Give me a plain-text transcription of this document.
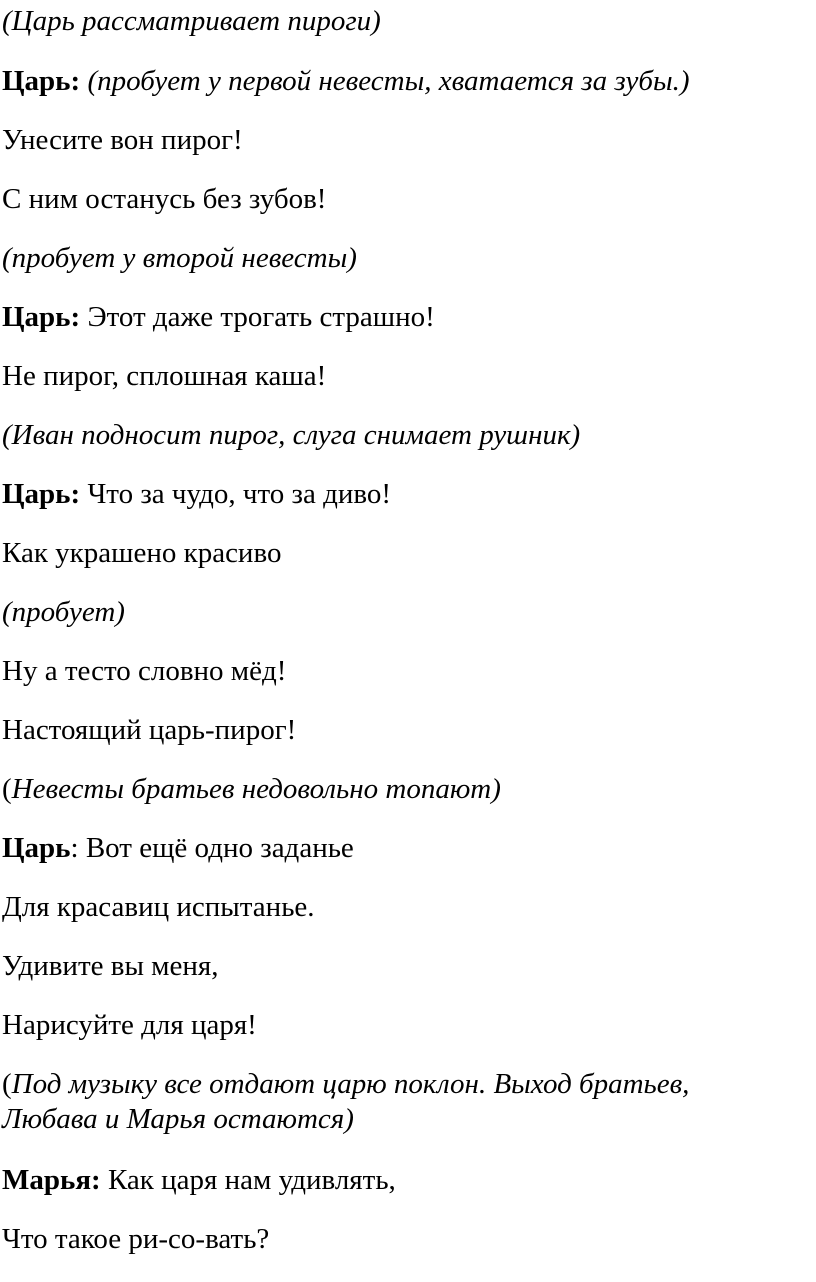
(Царь рассматривает пироги)
Царь: (пробует у первой невесты, хватается за зубы.)
Унесите вон пирог!
С ним останусь без зубов!
(пробует у второй невесты)
Царь: Этот даже трогать страшно!
Не пирог, сплошная каша!
(Иван подносит пирог, слуга снимает рушник)
Царь: Что за чудо, что за диво!
Как украшено красиво
(пробует)
Ну а тесто словно мёд!
Настоящий царь-пирог!
(Невесты братьев недовольно топают)
Царь: Вот ещё одно заданье
Для красавиц испытанье.
Удивите вы меня,
Нарисуйте для царя!
(Под музыку все отдают царю поклон. Выход братьев, Любава и Марья остаются)
Марья: Как царя нам удивлять,
Что такое ри-со-вать?
